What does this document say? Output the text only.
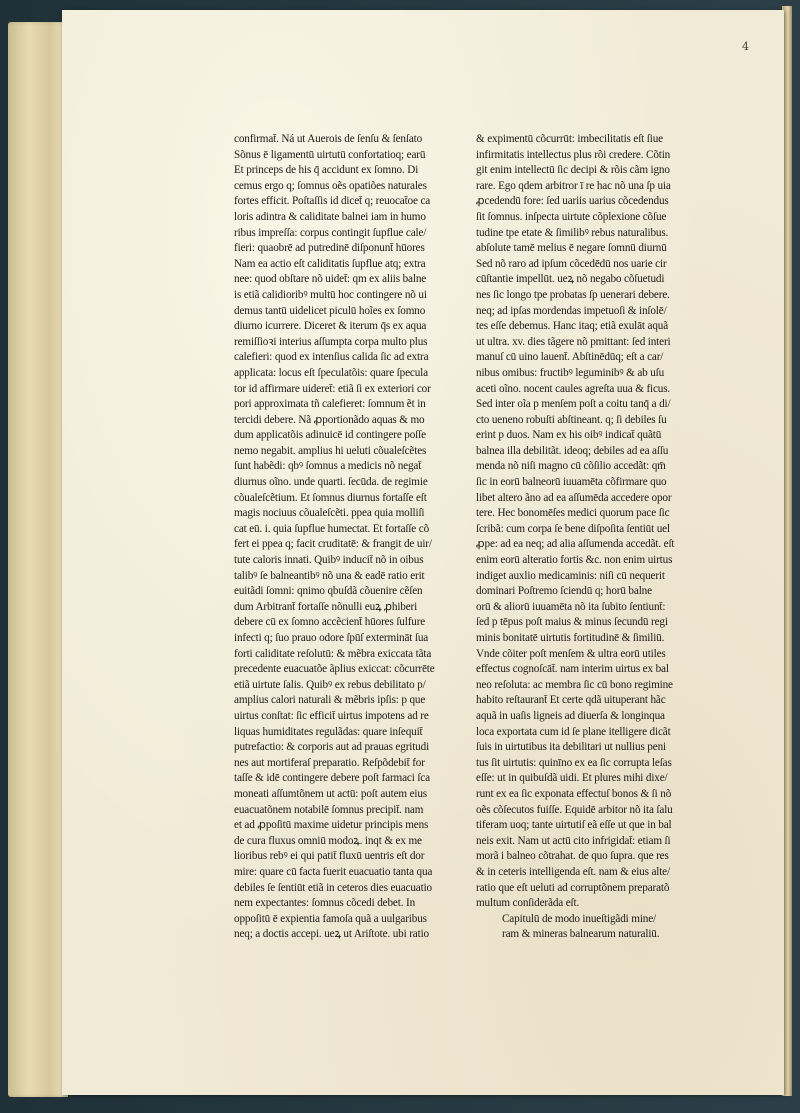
4
confirmat̄. Ná ut Auerois de ſenſu & ſenſato
Sõnus ē ligamentū uirtutū confortatioq; earū
Et princeps de his q̄ accidunt ex ſomno. Di
cemus ergo q; ſomnus oẽs opatiões naturales
fortes efficit. Poſtaſſis id dicet̄ q; reuocat̄oe ca
loris adintra & caliditate balnei iam in humo
ribus impreſſa: corpus contingit ſupflue cale/
fieri: quaobrē ad putredinē diſponunt̄ hūores
Nam ea actio eſt caliditatis ſupflue atq; extra
nee: quod obſtare nõ uidet̄: qm ex aliis balne
is etiã calidioribꝰ multū hoc contingere nõ ui
demus tantū uidelicet piculū hoĩes ex ſomno
diurno icurrere. Diceret & iterum q̄s ex aqua
remiſſioꝛi interius aſſumpta corpa multo plus
calefieri: quod ex intenſius calida ſic ad extra
applicata: locus eſt ſpeculatõis: quare ſpecula
tor id affirmare uideret̄: etiã ſi ex exteriori cor
pori approximata tñ calefieret: ſomnum ẽt in
tercidi debere. Nã ꝓportionãdo aquas & mo
dum applicatõis adinuicē id contingere poſſe
nemo negabit. amplius hi ueluti cõualeſcẽtes
ſunt habẽdi: qbꝰ ſomnus a medicis nõ negat̄
diurnus oĩno. unde quarti. ſecūda. de regimie
cõualeſcẽtium. Et ſomnus diurnus fortaſſe eſt
magis nociuus cõualeſcẽti. ppea quia molliſi
cat eū. i. quia ſupflue humectat. Et fortaſſe cõ
fert ei ppea q; facit cruditatē: & frangit de uir/
tute caloris innati. Quibꝰ inducit̄ nõ in oibus
talibꝰ ſe balneantibꝰ nõ una & eadē ratio erit
euitãdi ſomni: qnimo qbuſdã cõuenire cẽſen
dum Arbitrant̄ fortaſſe nõnulli euꝝ ꝓhiberi
debere cū ex ſomno accẽcient̄ hūores ſulfure
infecti q; ſuo prauo odore ſpūſ extermināt ſua
forti caliditate reſolutū: & mẽbra exiccata tãta
precedente euacuatõe ãplius exiccat: cõcurrēte
etiã uirtute ſalis. Quibꝰ ex rebus debilitato p/
amplius calori naturali & mẽbris ipſis: p que
uirtus conſtat: ſic efficit̄ uirtus impotens ad re
liquas humiditates regulãdas: quare inſequit̄
putrefactio: & corporis aut ad prauas egritudi
nes aut mortiferaſ preparatio. Reſpõdebit̄ for
taſſe & idē contingere debere poſt farmaci ſca
moneati aſſumtõnem ut actū: poſt autem eius
euacuatõnem notabilē ſomnus precipit̄. nam
et ad ꝓpoſitū maxime uidetur principis mens
de cura fluxus omniū modoꝝ. inqt & ex me
lioribus rebꝰ ei qui patit̄ fluxū uentris eſt dor
mire: quare cū facta fuerit euacuatio tanta qua
debiles ſe ſentiūt etiã in ceteros dies euacuatio
nem expectantes: ſomnus cõcedi debet. In
oppoſitū ē expientia famoſa quã a uulgaribus
neq; a doctis accepi. ueꝝ ut Ariſtote. ubi ratio
& expimentū cõcurrūt: imbecilitatis eſt ſiue
infirmitatis intellectus plus rõi credere. Cõtin
git enim intellectū ſic decipi & rõis cãm igno
rare. Ego qdem arbitror ī re hac nõ una ſp uia
ꝓcedendū fore: ſed uariis uarius cõcedendus
ſit ſomnus. inſpecta uirtute cõplexione cõſue
tudine tpe etate & ſimilibꝰ rebus naturalibus.
abſolute tamē melius ē negare ſomnū diurnū
Sed nõ raro ad ipſum cõcedēdū nos uarie cir
cūſtantie impellūt. ueꝝ nõ negabo cõſuetudi
nes ſic longo tpe probatas ſp uenerari debere.
neq; ad ipſas mordendas impetuoſi & inſolē/
tes eſſe debemus. Hanc itaq; etiã exulāt aquã
ut ultra. xv. dies tãgere nõ pmittant: ſed interi
manuſ cū uino lauent̄. Abſtinēdūq; eſt a car/
nibus omibus: fructibꝰ leguminibꝰ & ab uſu
aceti oĩno. nocent caules agreſta uua & ficus.
Sed inter oĩa p menſem poſt a coitu tanq̄ a di/
cto ueneno robuſti abſtineant. q; ſi debiles ſu
erint p duos. Nam ex his oibꝰ indicat̄ quãtū
balnea illa debilitãt. ideoq; debiles ad ea aſſu
menda nõ niſi magno cū cõſilio accedãt: qm̄
ſic in eorū balneorū iuuamēta cõfirmare quo
libet altero ãno ad ea aſſumēda accedere opor
tere. Hec bonomēſes medici quorum pace ſic
ſcribã: cum corpa ſe bene diſpoſita ſentiūt uel
ꝓpe: ad ea neq; ad alia aſſumenda accedãt. eſt
enim eorū alteratio fortis &c. non enim uirtus
indiget auxlio medicaminis: niſi cū nequerit
dominari Poſtremo ſciendū q; horū balne
orū & aliorū iuuamēta nõ ita ſubito ſentiunt̄:
ſed p tēpus poſt maius & minus ſecundū regi
minis bonitatē uirtutis fortitudinē & ſimiliū.
Vnde cõiter poſt menſem & ultra eorū utiles
effectus cognoſcāt̄. nam interim uirtus ex bal
neo reſoluta: ac membra ſic cū bono regimine
habito reſtaurant̄ Et certe qdã uituperant hãc
aquã in uaſis ligneis ad diuerſa & longinqua
loca exportata cum id ſe plane itelligere dicãt
ſuis in uirtutibus ita debilitari ut nullius peni
tus ſit uirtutis: quinīno ex ea ſic corrupta leſas
eſſe: ut in quibuſdã uidi. Et plures mihi dixe/
runt ex ea ſic exponata effectuſ bonos & ſi nõ
oẽs cõſecutos fuiſſe. Equidē arbitor nõ ita ſalu
tiferam uoq; tante uirtutiſ eã eſſe ut que in bal
neis exit. Nam ut actū cito infrigidat̄: etiam ſi
morã i balneo cõtrahat. de quo ſupra. que res
& in ceteris intelligenda eſt. nam & eius alte/
ratio que eſt ueluti ad corruptõnem preparatõ
multum conſiderãda eſt.
Capitulū de modo inueſtigãdi mine/
ram & mineras balnearum naturaliū.
